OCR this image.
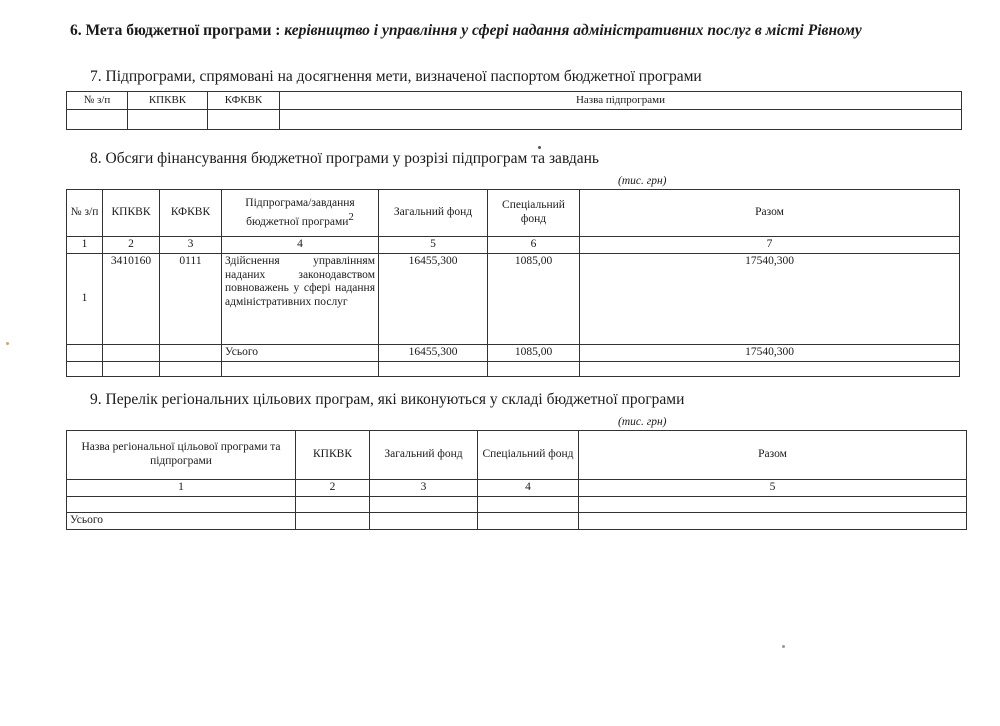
6. Мета бюджетної програми : керівництво і управління у сфері надання адміністративних послуг в місті Рівному
7. Підпрограми, спрямовані на досягнення мети, визначеної паспортом бюджетної програми
№ з/п	КПКВК	КФКВК	Назва підпрограми

8. Обсяги фінансування бюджетної програми у розрізі підпрограм та завдань
(тис. грн)
№ з/п	КПКВК	КФКВК	Підпрограма/завдання бюджетної програми$^2$	Загальний фонд	Спеціальний фонд	Разом
1	2	3	4	5	6	7
1	3410160	0111	Здійснення управлінням наданих законодавством повноважень у сфері надання адміністративних послуг	16455,300	1085,00	17540,300
			Усього	16455,300	1085,00	17540,300

9. Перелік регіональних цільових програм, які виконуються у складі бюджетної програми
(тис. грн)
Назва регіональної цільової програми та підпрограми	КПКВК	Загальний фонд	Спеціальний фонд	Разом
1	2	3	4	5

Усього				
